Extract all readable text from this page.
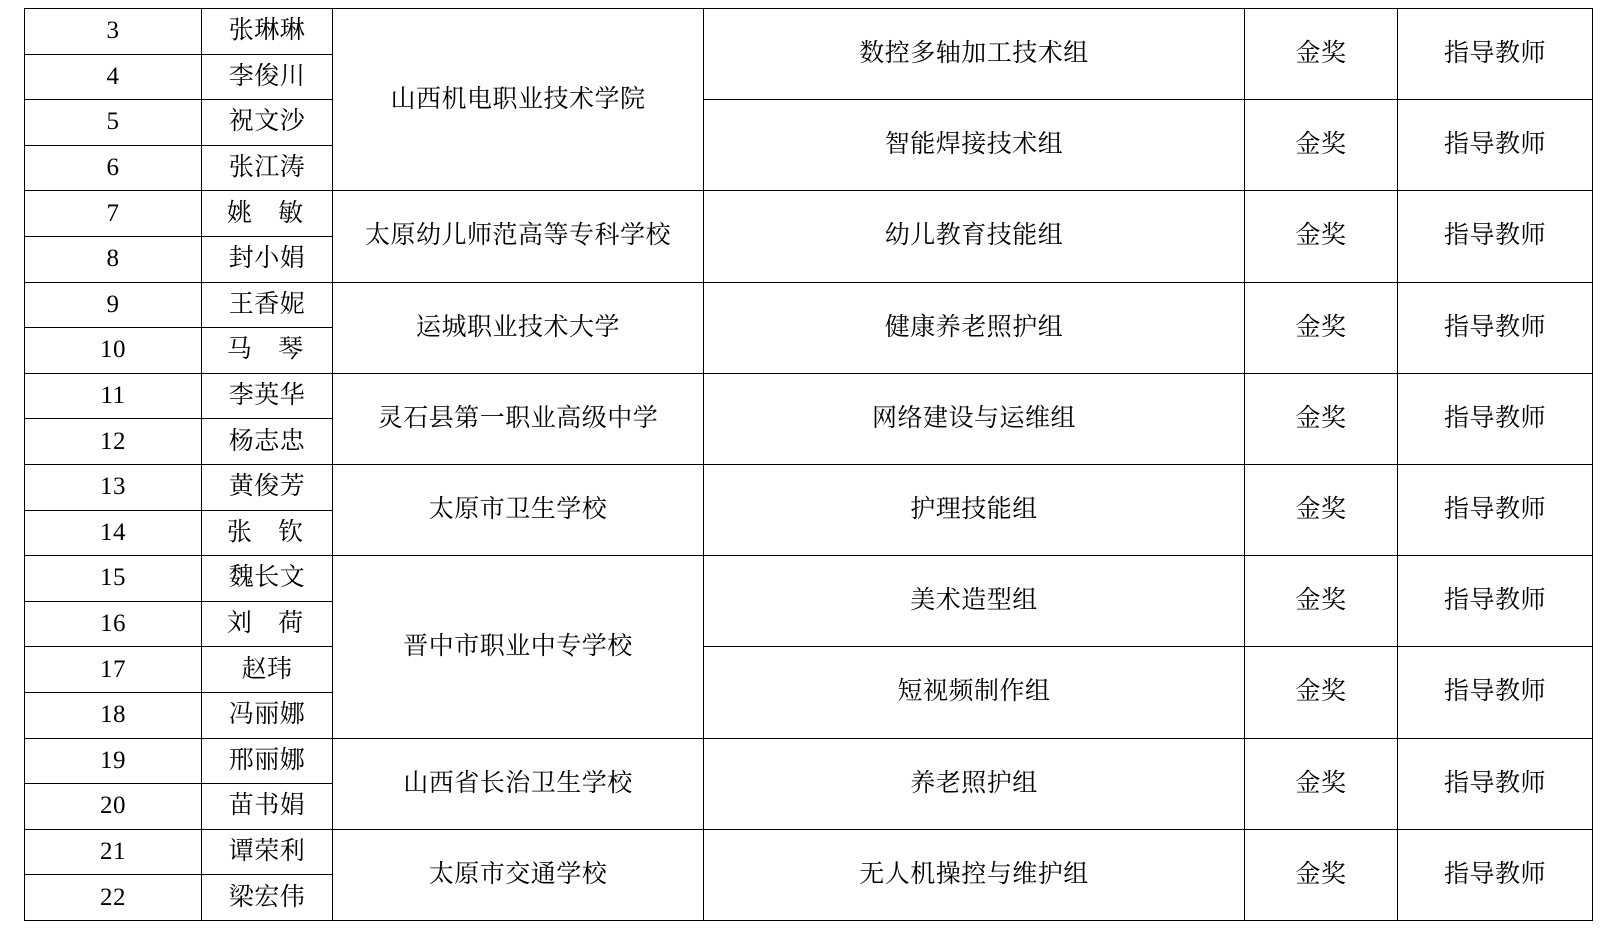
3	张琳琳	山西机电职业技术学院	数控多轴加工技术组	金奖	指导教师
4	李俊川				

5	祝文沙		智能焊接技术组	金奖	指导教师
6	张江涛				

7	姚 敏	太原幼儿师范高等专科学校	幼儿教育技能组	金奖	指导教师
8	封小娟				

9	王香妮	运城职业技术大学	健康养老照护组	金奖	指导教师
10	马 琴				

11	李英华	灵石县第一职业高级中学	网络建设与运维组	金奖	指导教师
12	杨志忠				

13	黄俊芳	太原市卫生学校	护理技能组	金奖	指导教师
14	张 钦				

15	魏长文	晋中市职业中专学校	美术造型组	金奖	指导教师
16	刘 荷				

17	赵玮		短视频制作组	金奖	指导教师
18	冯丽娜				

19	邢丽娜	山西省长治卫生学校	养老照护组	金奖	指导教师
20	苗书娟				

21	谭荣利	太原市交通学校	无人机操控与维护组	金奖	指导教师
22	梁宏伟				
